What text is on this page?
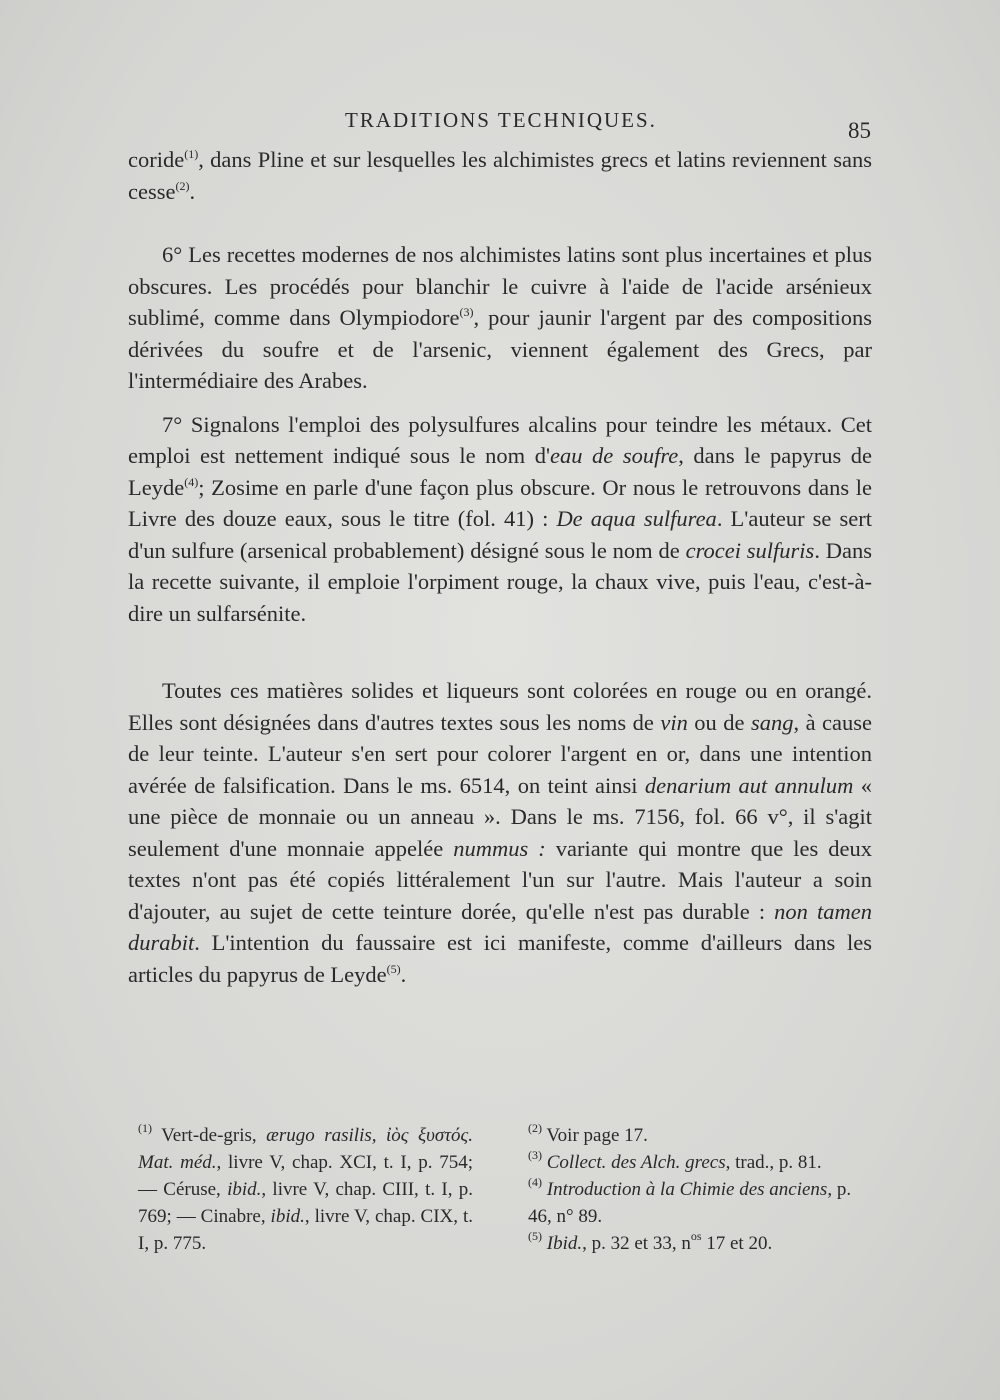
TRADITIONS TECHNIQUES.	85

coride$^{(1)}$, dans Pline et sur lesquelles les alchimistes grecs et latins reviennent sans cesse$^{(2)}$.

6° Les recettes modernes de nos alchimistes latins sont plus incertaines et plus obscures. Les procédés pour blanchir le cuivre à l'aide de l'acide arsénieux sublimé, comme dans Olympiodore$^{(3)}$, pour jaunir l'argent par des compositions dérivées du soufre et de l'arsenic, viennent également des Grecs, par l'intermédiaire des Arabes.

7° Signalons l'emploi des polysulfures alcalins pour teindre les métaux. Cet emploi est nettement indiqué sous le nom d'eau de soufre, dans le papyrus de Leyde$^{(4)}$; Zosime en parle d'une façon plus obscure. Or nous le retrouvons dans le Livre des douze eaux, sous le titre (fol. 41) : De aqua sulfurea. L'auteur se sert d'un sulfure (arsenical probablement) désigné sous le nom de crocei sulfuris. Dans la recette suivante, il emploie l'orpiment rouge, la chaux vive, puis l'eau, c'est-à-dire un sulfarsénite.

Toutes ces matières solides et liqueurs sont colorées en rouge ou en orangé. Elles sont désignées dans d'autres textes sous les noms de vin ou de sang, à cause de leur teinte. L'auteur s'en sert pour colorer l'argent en or, dans une intention avérée de falsification. Dans le ms. 6514, on teint ainsi denarium aut annulum « une pièce de monnaie ou un anneau ». Dans le ms. 7156, fol. 66 v°, il s'agit seulement d'une monnaie appelée nummus : variante qui montre que les deux textes n'ont pas été copiés littéralement l'un sur l'autre. Mais l'auteur a soin d'ajouter, au sujet de cette teinture dorée, qu'elle n'est pas durable : non tamen durabit. L'intention du faussaire est ici manifeste, comme d'ailleurs dans les articles du papyrus de Leyde$^{(5)}$.

$^{(1)}$ Vert-de-gris, ærugo rasilis, ἰὸς ξυστός. Mat. méd., livre V, chap. XCI, t. I, p. 754; — Céruse, ibid., livre V, chap. CIII, t. I, p. 769; — Cinabre, ibid., livre V, chap. CIX, t. I, p. 775.
$^{(2)}$ Voir page 17.
$^{(3)}$ Collect. des Alch. grecs, trad., p. 81.
$^{(4)}$ Introduction à la Chimie des anciens, p. 46, n° 89.
$^{(5)}$ Ibid., p. 32 et 33, $n^{os}$ 17 et 20.
